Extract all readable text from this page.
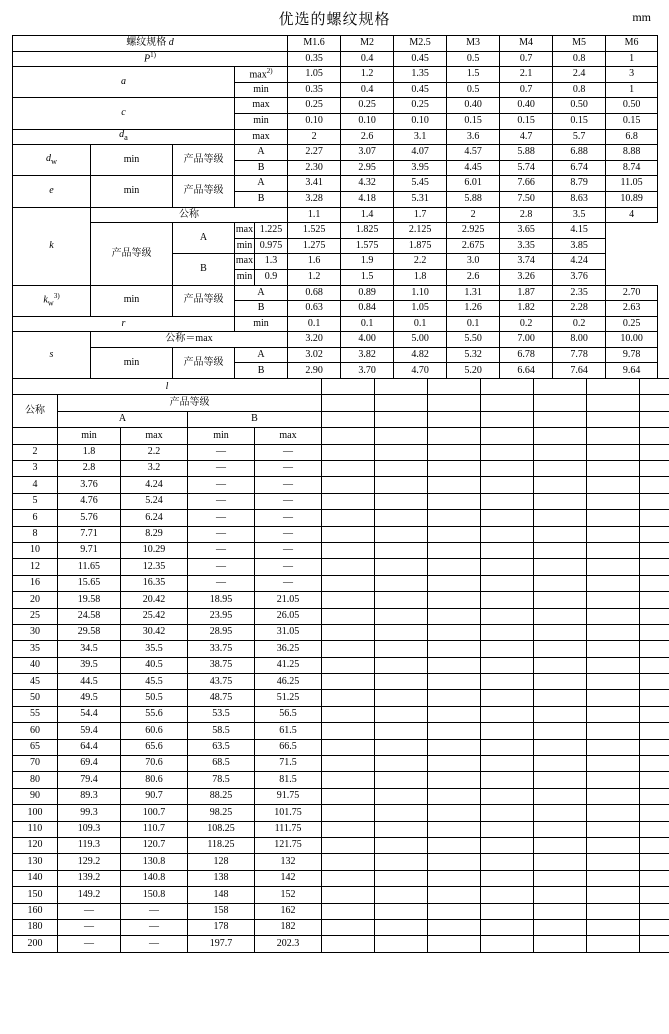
优选的螺纹规格	mm
螺纹规格 d					M1.6	M2	M2.5	M3	M4	M5	M6
$P^{1)}$					0.35	0.4	0.45	0.5	0.7	0.8	1
a			$\max^{2)}$		1.05	1.2	1.35	1.5	2.1	2.4	3
			min		0.35	0.4	0.45	0.5	0.7	0.8	1
c			max		0.25	0.25	0.25	0.40	0.40	0.50	0.50
			min		0.10	0.10	0.10	0.15	0.15	0.15	0.15
$d_a$			max		2	2.6	3.1	3.6	4.7	5.7	6.8
$d_w$	min	产品等级	A		2.27	3.07	4.07	4.57	5.88	6.88	8.88
			B		2.30	2.95	3.95	4.45	5.74	6.74	8.74
e	min	产品等级	A		3.41	4.32	5.45	6.01	7.66	8.79	11.05
			B		3.28	4.18	5.31	5.88	7.50	8.63	10.89
k	公称				1.1	1.4	1.7	2	2.8	3.5	4
	产品等级	A	max	1.225	1.525	1.825	2.125	2.925	3.65	4.15	
			min	0.975	1.275	1.575	1.875	2.675	3.35	3.85	
		B	max	1.3	1.6	1.9	2.2	3.0	3.74	4.24	
			min	0.9	1.2	1.5	1.8	2.6	3.26	3.76	
$k_w^{3)}$	min	产品等级	A		0.68	0.89	1.10	1.31	1.87	2.35	2.70
			B		0.63	0.84	1.05	1.26	1.82	2.28	2.63
r			min		0.1	0.1	0.1	0.1	0.2	0.2	0.25
s	公称＝max				3.20	4.00	5.00	5.50	7.00	8.00	10.00
	min	产品等级	A		3.02	3.82	4.82	5.32	6.78	7.78	9.78
			B		2.90	3.70	4.70	5.20	6.64	7.64	9.64
l											
公称	产品等级										
	A		B								
	min	max	min	max							
2	1.8	2.2	—	—							
3	2.8	3.2	—	—							
4	3.76	4.24	—	—							
5	4.76	5.24	—	—							
6	5.76	6.24	—	—							
8	7.71	8.29	—	—							
10	9.71	10.29	—	—							
12	11.65	12.35	—	—							
16	15.65	16.35	—	—							
20	19.58	20.42	18.95	21.05							
25	24.58	25.42	23.95	26.05							
30	29.58	30.42	28.95	31.05							
35	34.5	35.5	33.75	36.25							
40	39.5	40.5	38.75	41.25							
45	44.5	45.5	43.75	46.25							
50	49.5	50.5	48.75	51.25							
55	54.4	55.6	53.5	56.5							
60	59.4	60.6	58.5	61.5							
65	64.4	65.6	63.5	66.5							
70	69.4	70.6	68.5	71.5							
80	79.4	80.6	78.5	81.5							
90	89.3	90.7	88.25	91.75							
100	99.3	100.7	98.25	101.75							
110	109.3	110.7	108.25	111.75							
120	119.3	120.7	118.25	121.75							
130	129.2	130.8	128	132							
140	139.2	140.8	138	142							
150	149.2	150.8	148	152							
160	—	—	158	162							
180	—	—	178	182							
200	—	—	197.7	202.3							
